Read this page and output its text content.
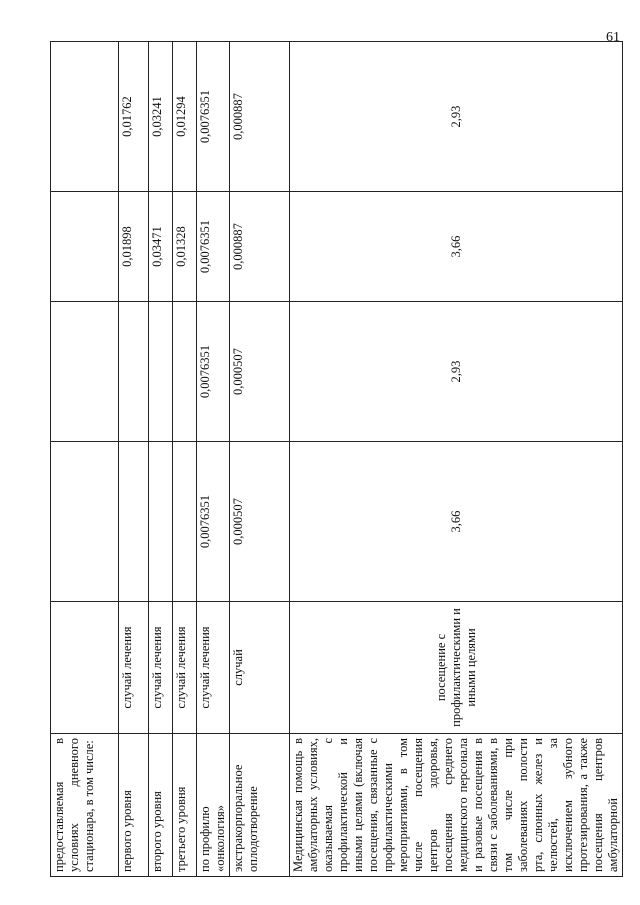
61
предоставляемая в условиях дневного стационара, в том числе:					
первого уровня	случай лечения			0,01898	0,01762
второго уровня	случай лечения			0,03471	0,03241
третьего уровня	случай лечения			0,01328	0,01294
по профилю «онкология»	случай лечения	0,0076351	0,0076351	0,0076351	0,0076351
экстракорпоральное оплодотворение	случай	0,000507	0,000507	0,000887	0,000887
Медицинская помощь в амбулаторных условиях, оказываемая с профилактической и иными целями (включая посещения, связанные с профилактическими мероприятиями, в том числе посещения центров здоровья, посещения среднего медицинского персонала и разовые посещения в связи с заболеваниями, в том числе при заболеваниях полости рта, слюнных желез и челюстей, за исключением зубного протезирования, а также посещения центров амбулаторной	посещение с профилактическими и иными целями	3,66	2,93	3,66	2,93
